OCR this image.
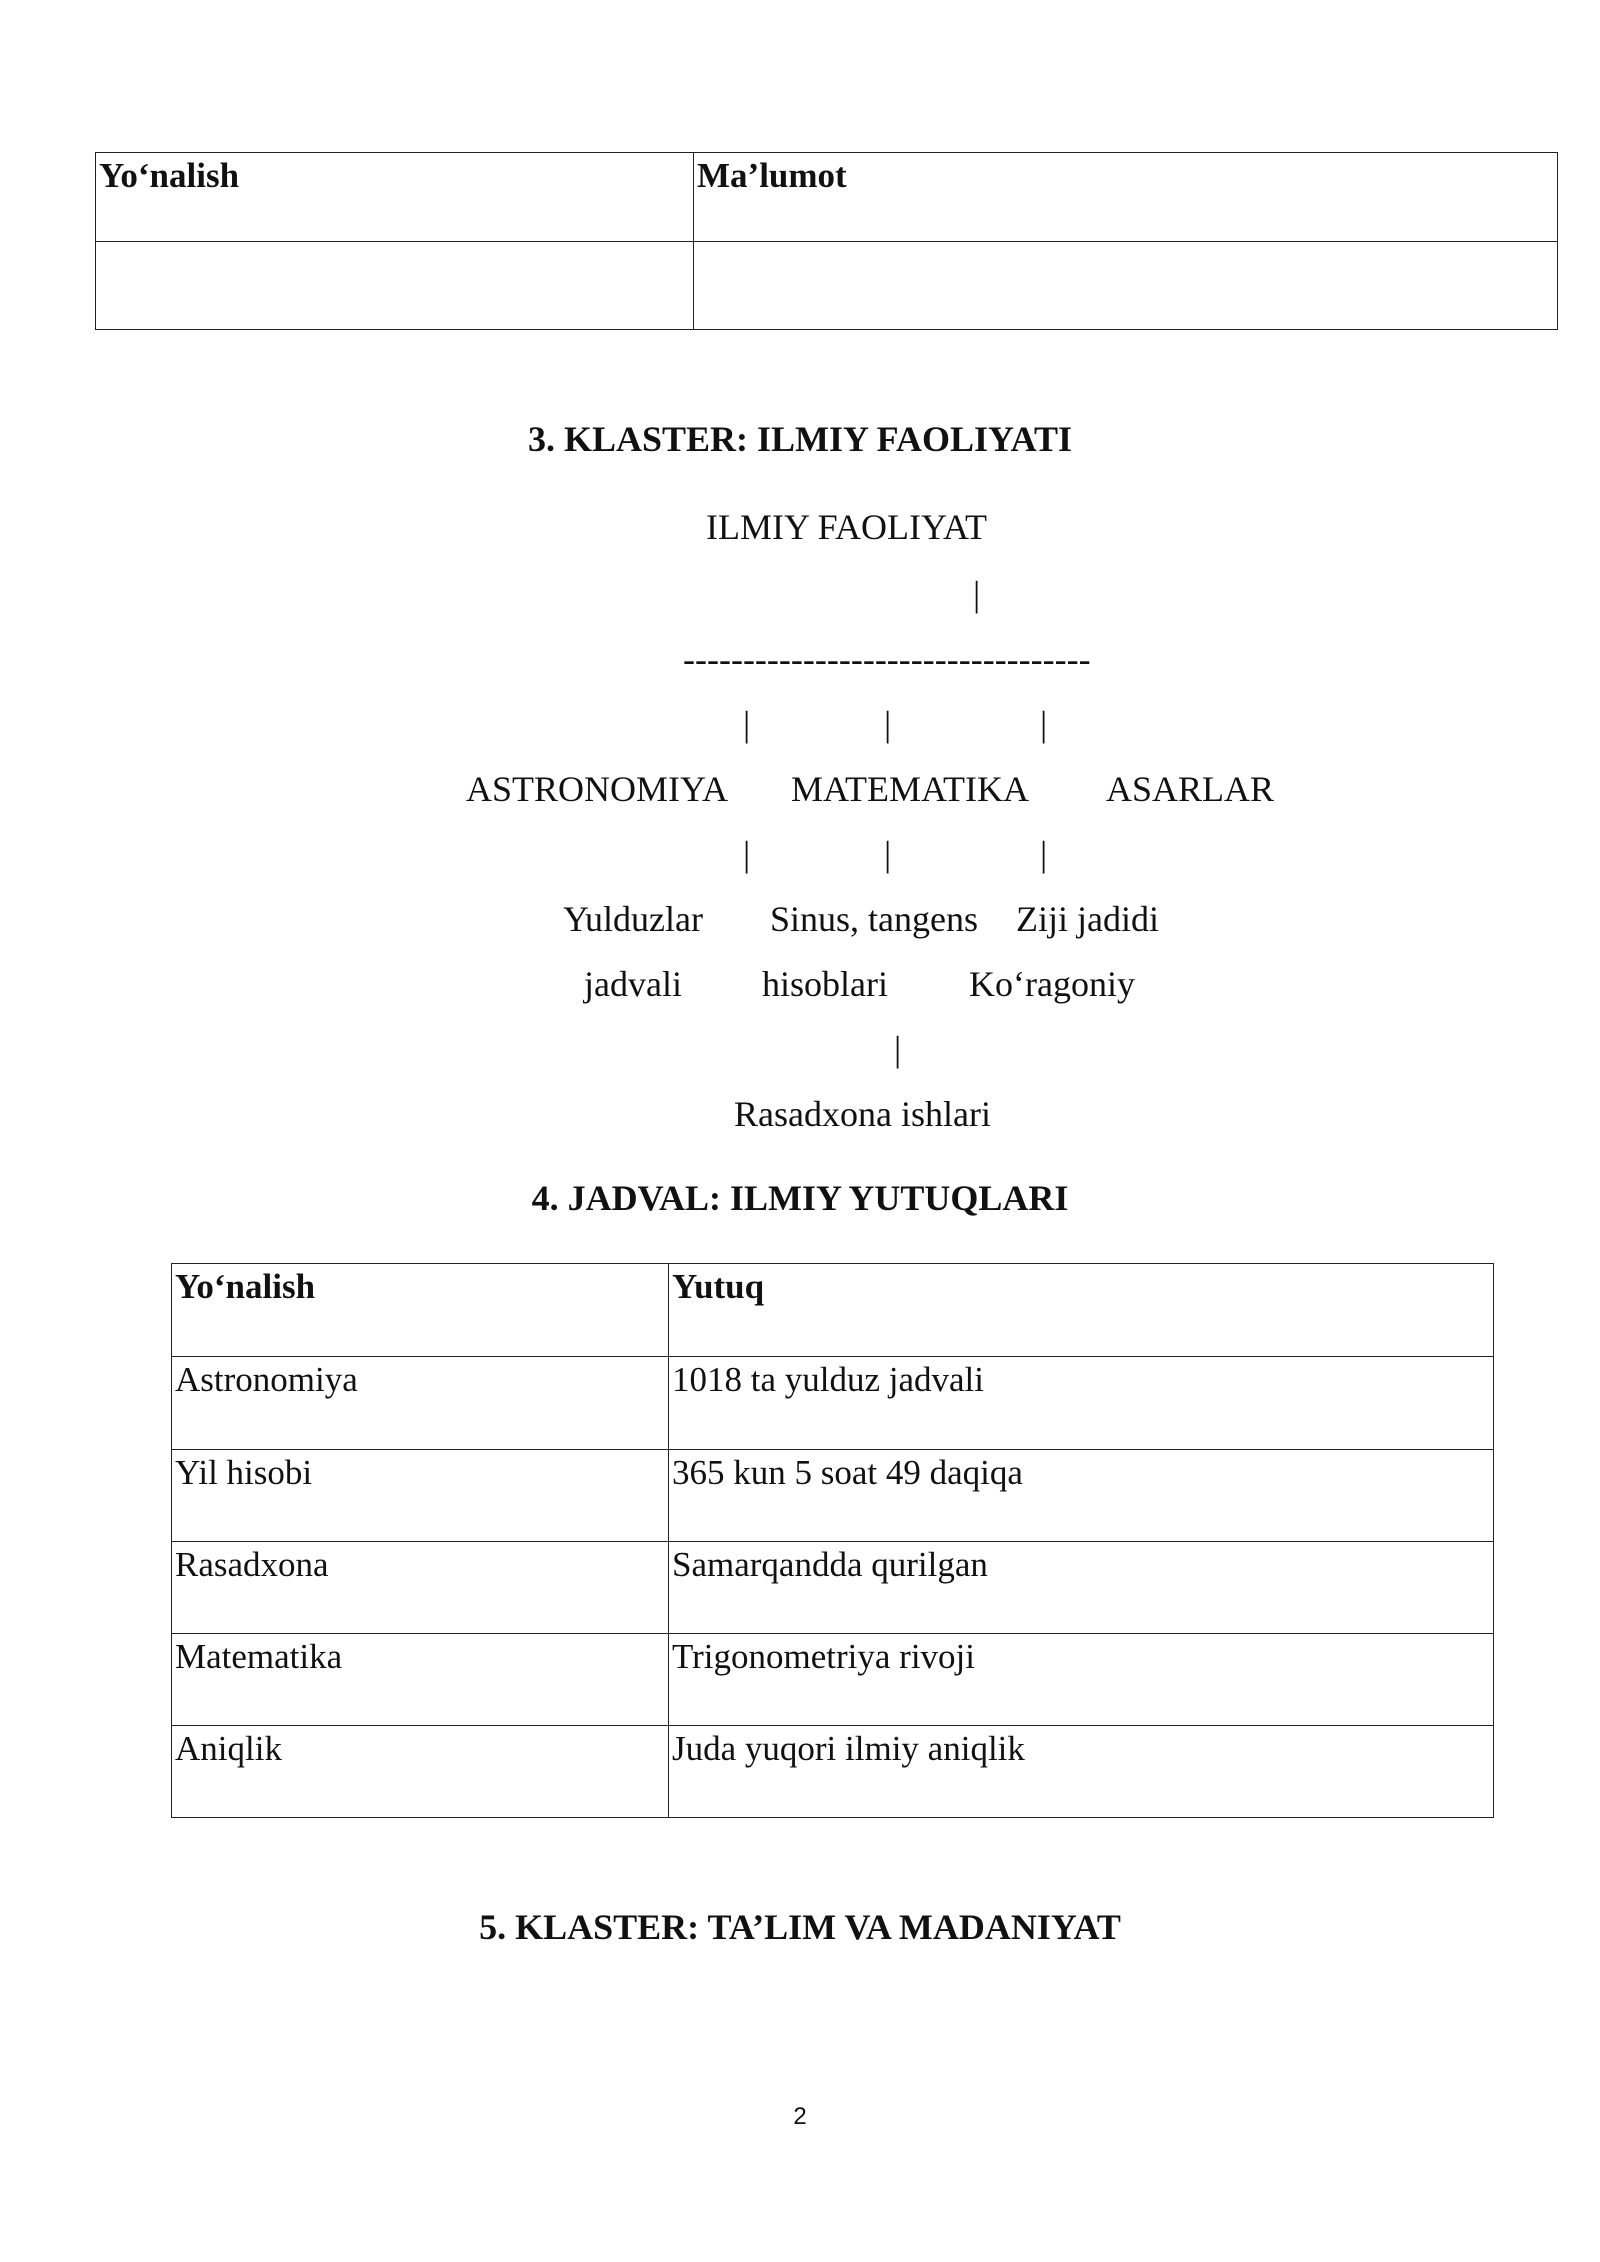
Yo‘nalish	Ma’lumot

3. KLASTER: ILMIY FAOLIYATI
ILMIY FAOLIYAT
|
----------------------------------
|	|	|
ASTRONOMIYA MATEMATIKA ASARLAR
|	|	|
Yulduzlar Sinus, tangens Ziji jadidi
jadvali hisoblari Ko‘ragoniy
|
Rasadxona ishlari
4. JADVAL: ILMIY YUTUQLARI
Yo‘nalish	Yutuq
Astronomiya	1018 ta yulduz jadvali
Yil hisobi	365 kun 5 soat 49 daqiqa
Rasadxona	Samarqandda qurilgan
Matematika	Trigonometriya rivoji
Aniqlik	Juda yuqori ilmiy aniqlik
5. KLASTER: TA’LIM VA MADANIYAT
2
